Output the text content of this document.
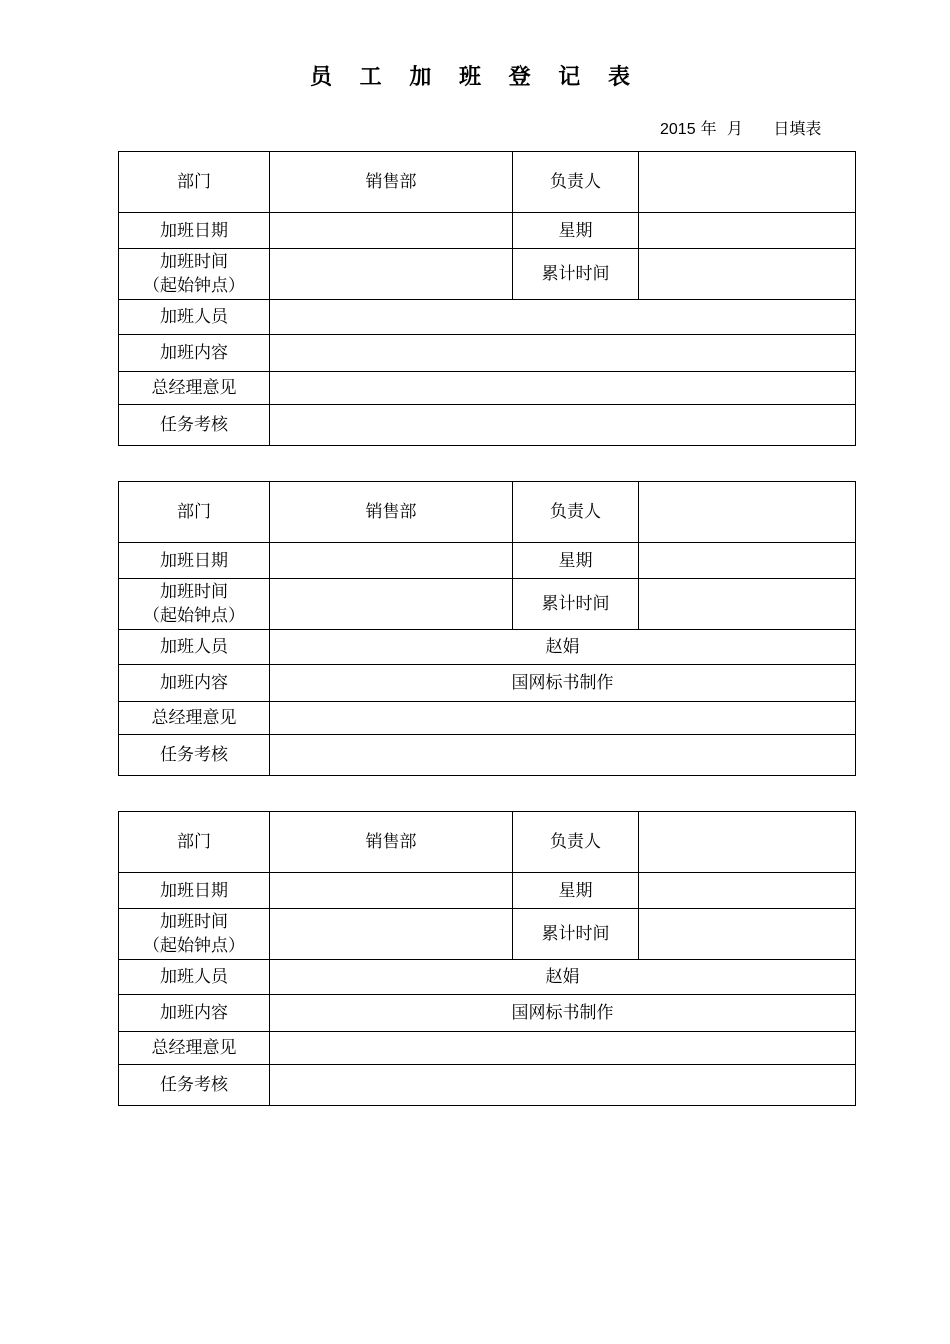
员 工 加 班 登 记 表
2015 年  月      日填表
部门	销售部	负责人	
加班日期		星期	
加班时间
（起始钟点）		累计时间	
加班人员			
加班内容			
总经理意见			
任务考核			
部门	销售部	负责人	
加班日期		星期	
加班时间
（起始钟点）		累计时间	
加班人员	赵娟		
加班内容	国网标书制作		
总经理意见			
任务考核			
部门	销售部	负责人	
加班日期		星期	
加班时间
（起始钟点）		累计时间	
加班人员	赵娟		
加班内容	国网标书制作		
总经理意见			
任务考核			
